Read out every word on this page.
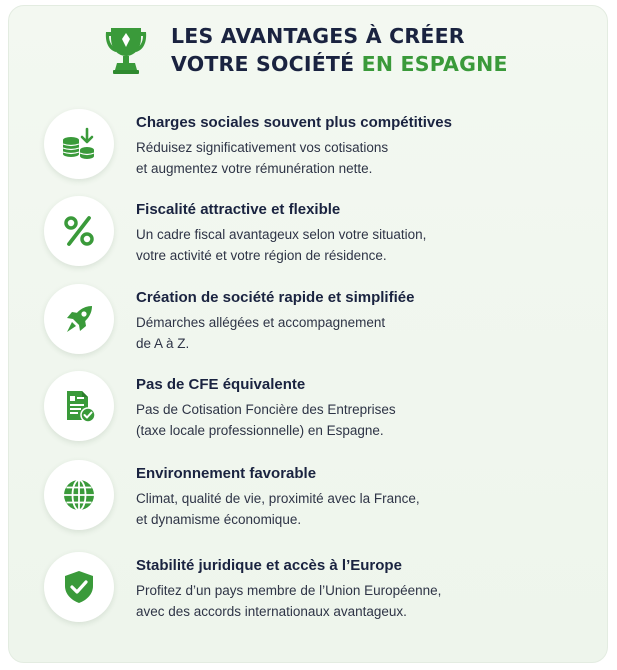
LES AVANTAGES À CRÉER
VOTRE SOCIÉTÉ EN ESPAGNE

Charges sociales souvent plus compétitives

Réduisez significativement vos cotisations
et augmentez votre rémunération nette.

Fiscalité attractive et flexible

Un cadre fiscal avantageux selon votre situation,
votre activité et votre région de résidence.

Création de société rapide et simplifiée

Démarches allégées et accompagnement
de A à Z.

Pas de CFE équivalente

Pas de Cotisation Foncière des Entreprises
(taxe locale professionnelle) en Espagne.

Environnement favorable

Climat, qualité de vie, proximité avec la France,
et dynamisme économique.

Stabilité juridique et accès à l’Europe

Profitez d’un pays membre de l’Union Européenne,
avec des accords internationaux avantageux.
